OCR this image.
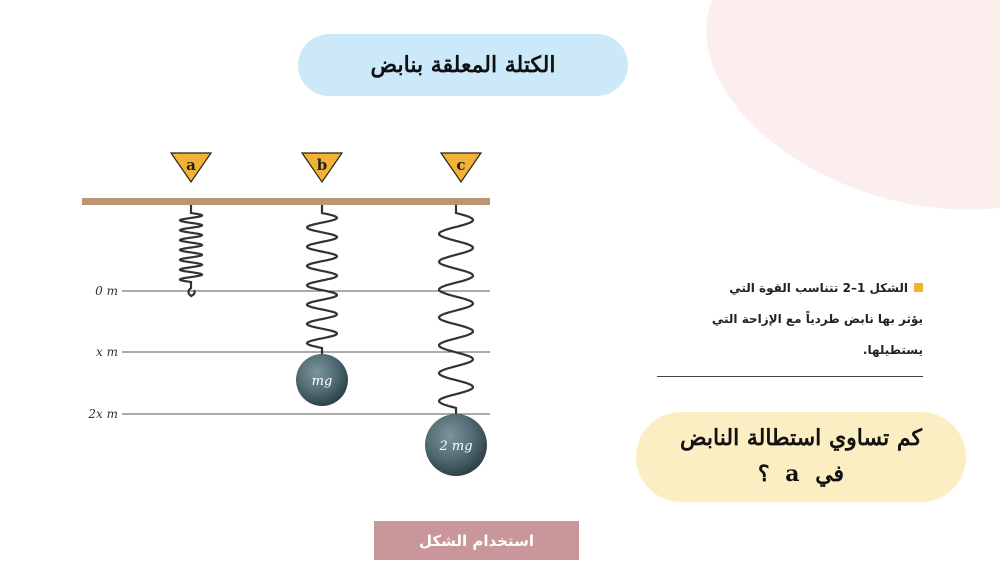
الكتلة المعلقة بنابض
0 m
x m
2x m
a	b	c
mg
2 mg
الشكل 1–2 تتناسب القوة التي
يؤثر بها نابض طردياً مع الإزاحة التي
يستطيلها.
كم تساوي استطالة النابض
في a ؟
استخدام الشكل
